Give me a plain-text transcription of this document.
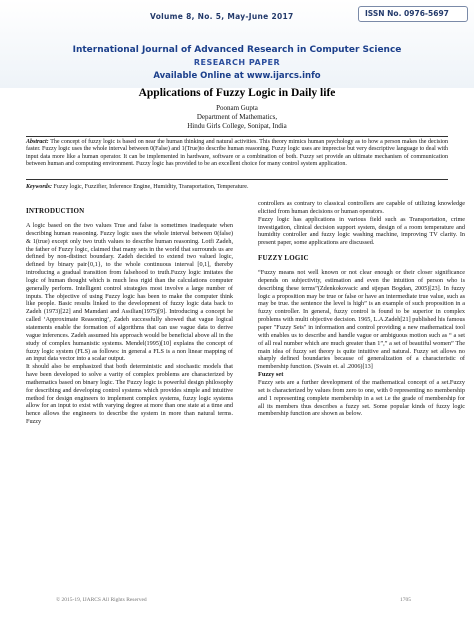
Volume 8, No. 5, May-June 2017	ISSN No. 0976-5697
International Journal of Advanced Research in Computer Science
RESEARCH PAPER
Available Online at www.ijarcs.info
Applications of Fuzzy Logic in Daily life
Poonam Gupta
Department of Mathematics,
Hindu Girls College, Sonipat, India
Abstract: The concept of fuzzy logic is based on near the human thinking and natural activities. This theory mimics human psychology as to how a person makes the decision faster. Fuzzy logic uses the whole interval between 0(False) and 1(True)to describe human reasoning. Fuzzy logic uses are imprecise but very descriptive language to deal with input data more like a human operator. It can be implemented in hardware, software or a combination of both. Fuzzy set provide an ultimate mechanism of communication between human and computing environment. Fuzzy logic has provided to be an excellent choice for many control system application.
Keywords: Fuzzy logic, Fuzzifier, Inference Engine, Humidity, Transportation, Temperature.
INTRODUCTION

A logic based on the two values True and false is sometimes inadequate when describing human reasoning. Fuzzy logic uses the whole interval between 0(false) & 1(true) except only two truth values to describe human reasoning. Lotfi Zadeh, the father of Fuzzy logic, claimed that many sets in the world that surrounds us are defined by non-distinct boundary. Zadeh decided to extend two valued logic, defined by binary pair{0,1}, to the whole continuous interval [0,1], thereby introducing a gradual transition from falsehood to truth.Fuzzy logic imitates the logic of human thought which is much less rigid than the calculations computer generally perform. Intelligent control strategies most involve a large number of inputs. The objective of using Fuzzy logic has been to make the computer think like people. Basic results linked to the development of fuzzy logic data back to Zadeh (1973)[22] and Mamdani and Assilian(1975)[9]. Introducing a concept he called ‘Approximate Reasoning’, Zadeh successfully showed that vague logical statements enable the formation of algorithms that can use vague data to derive vague inferences. Zadeh assumed his approach would be beneficial above all in the study of complex humanistic systems. Mendel(1995)[10] explains the concept of fuzzy logic system (FLS) as follows: in general a FLS is a non linear mapping of an input data vector into a scalar output.

It should also be emphasized that both deterministic and stochastic models that have been developed to solve a varity of complex problems are characterized by mathematics based on binary logic. The Fuzzy logic is powerful design philosophy for describing and developing control systems which provides simple and intuitive method for design engineers to implement complex systems, fuzzy logic systems allow for an input to exist with varying degree at more than one state at a time and hence allows the engineers to describe the system in more than natural terms. Fuzzy

controllers as contrary to classical controllers are capable of utilizing knowledge elicited from human decisions or human operators.

Fuzzy logic has applications in various field such as Transportation, crime investigation, clinical decision support system, design of a room temperature and humidity controller and fuzzy logic washing machine, improving TV clarity. In present paper, some applications are discussed.

FUZZY LOGIC

“Fuzzy means not well known or not clear enough or their closer significance depends on subjectivity, estimation and even the intuition of person who is describing these terms”(Zdenkokovacic and stjepan Bogdan, 2005)[23]. In fuzzy logic a proposition may be true or false or have an intermediate true value, such as may be true. the sentence the level is high” is an example of such proposition in a fuzzy controller. In general, fuzzy control is found to be superior in complex problems with multi objective decision. 1965, L.A.Zadeh[21] published his famous paper "Fuzzy Sets" in information and control providing a new mathematical tool with enables us to describe and handle vague or ambiguous motion such as “ a set of all real number which are much greater than 1”,” a set of beautiful women” The main idea of fuzzy set theory is quite intuitive and natural. Fuzzy set allows no sharply defined boundaries because of generalization of a characteristic of membership function. (Swain et. al .2006)[13]

Fuzzy set

Fuzzy sets are a further development of the mathematical concept of a set.Fuzzy set is characterized by values from zero to one, with 0 representing no membership and 1 representing complete membership in a set i.e the grade of membership for all its members thus describes a fuzzy set. Some popular kinds of fuzzy logic membership function are shown as below.

© 2015-19, IJARCS All Rights Reserved	1705
